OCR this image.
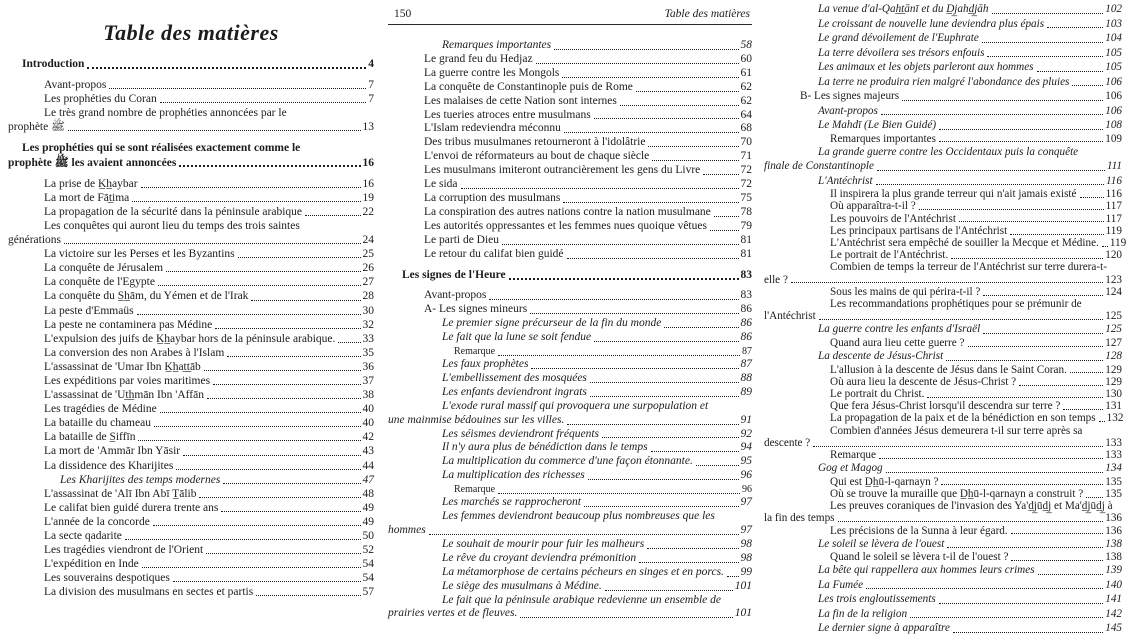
Table des matières
Introduction	4
Avant-propos	7
Les prophéties du Coran	7
Le très grand nombre de prophéties annoncées par le
prophète ﷺ	13
Les prophéties qui se sont réalisées exactement comme le
prophète ﷺ les avaient annoncées	16
La prise de K̲h̲aybar	16
La mort de Fāt̲ima	19
La propagation de la sécurité dans la péninsule arabique	22
Les conquêtes qui auront lieu du temps des trois saintes
générations	24
La victoire sur les Perses et les Byzantins	25
La conquête de Jérusalem	26
La conquête de l'Egypte	27
La conquête du S̲h̲ām, du Yémen et de l'Irak	28
La peste d'Emmaüs	30
La peste ne contaminera pas Médine	32
L'expulsion des juifs de K̲h̲aybar hors de la péninsule arabique. 33
La conversion des non Arabes à l'Islam	35
L'assassinat de 'Umar Ibn K̲h̲at̲t̲āb	36
Les expéditions par voies maritimes	37
L'assassinat de 'Ut̲h̲mān Ibn 'Affān	38
Les tragédies de Médine	40
La bataille du chameau	40
La bataille de S̲iffīn	42
La mort de 'Ammār Ibn Yāsir	43
La dissidence des Kharijites	44
Les Kharijites des temps modernes	47
L'assassinat de 'Alī Ibn Abī T̲ālib	48
Le califat bien guidé durera trente ans	49
L'année de la concorde	49
La secte qadarite	50
Les tragédies viendront de l'Orient	52
L'expédition en Inde	54
Les souverains despotiques	54
La division des musulmans en sectes et partis	57
150	Table des matières
Remarques importantes	58
Le grand feu du Hedjaz	60
La guerre contre les Mongols	61
La conquête de Constantinople puis de Rome	62
Les malaises de cette Nation sont internes	62
Les tueries atroces entre musulmans	64
L'Islam redeviendra méconnu	68
Des tribus musulmanes retourneront à l'idolâtrie	70
L'envoi de réformateurs au bout de chaque siècle	71
Les musulmans imiteront outrancièrement les gens du Livre	72
Le sida	72
La corruption des musulmans	75
La conspiration des autres nations contre la nation musulmane	78
Les autorités oppressantes et les femmes nues quoique vêtues	79
Le parti de Dieu	81
Le retour du califat bien guidé	81
Les signes de l'Heure	83
Avant-propos	83
A- Les signes mineurs	86
Le premier signe précurseur de la fin du monde	86
Le fait que la lune se soit fendue	86
Remarque	87
Les faux prophètes	87
L'embellissement des mosquées	88
Les enfants deviendront ingrats	89
L'exode rural massif qui provoquera une surpopulation et
une mainmise bédouines sur les villes.	91
Les séismes deviendront fréquents	92
Il n'y aura plus de bénédiction dans le temps	94
La multiplication du commerce d'une façon étonnante.	95
La multiplication des richesses	96
Remarque	96
Les marchés se rapprocheront	97
Les femmes deviendront beaucoup plus nombreuses que les
hommes	97
Le souhait de mourir pour fuir les malheurs	98
Le rêve du croyant deviendra prémonition	98
La métamorphose de certains pécheurs en singes et en porcs. 99
Le siège des musulmans à Médine.	101
Le fait que la péninsule arabique redevienne un ensemble de
prairies vertes et de fleuves.	101
La venue d'al-Qah̲t̲ānī et du D̲j̲ahd̲j̲āh	102
Le croissant de nouvelle lune deviendra plus épais	103
Le grand dévoilement de l'Euphrate	104
La terre dévoilera ses trésors enfouis	105
Les animaux et les objets parleront aux hommes	105
La terre ne produira rien malgré l'abondance des pluies	106
B- Les signes majeurs	106
Avant-propos	106
Le Mahdī (Le Bien Guidé)	108
Remarques importantes	109
La grande guerre contre les Occidentaux puis la conquête
finale de Constantinople	111
L'Antéchrist	116
Il inspirera la plus grande terreur qui n'ait jamais existé	116
Où apparaîtra-t-il ?	117
Les pouvoirs de l'Antéchrist	117
Les principaux partisans de l'Antéchrist	119
L'Antéchrist sera empêché de souiller la Mecque et Médine. 119
Le portrait de l'Antéchrist.	120
Combien de temps la terreur de l'Antéchrist sur terre durera-t-
elle ?	123
Sous les mains de qui périra-t-il ?	124
Les recommandations prophétiques pour se prémunir de
l'Antéchrist	125
La guerre contre les enfants d'Israël	125
Quand aura lieu cette guerre ?	127
La descente de Jésus-Christ	128
L'allusion à la descente de Jésus dans le Saint Coran.	129
Où aura lieu la descente de Jésus-Christ ?	129
Le portrait du Christ.	130
Que fera Jésus-Christ lorsqu'il descendra sur terre ?	131
La propagation de la paix et de la bénédiction en son temps 132
Combien d'années Jésus demeurera t-il sur terre après sa
descente ?	133
Remarque	133
Gog et Magog	134
Qui est D̲h̲ū-l-qarnayn ?	135
Où se trouve la muraille que D̲h̲ū-l-qarnayn a construit ? 135
Les preuves coraniques de l'invasion des Ya'd̲j̲ūd̲j̲ et Ma'd̲j̲ūd̲j̲ à
la fin des temps	136
Les précisions de la Sunna à leur égard.	136
Le soleil se lèvera de l'ouest	138
Quand le soleil se lèvera t-il de l'ouest ?	138
La bête qui rappellera aux hommes leurs crimes	139
La Fumée	140
Les trois engloutissements	141
La fin de la religion	142
Le dernier signe à apparaître	145
